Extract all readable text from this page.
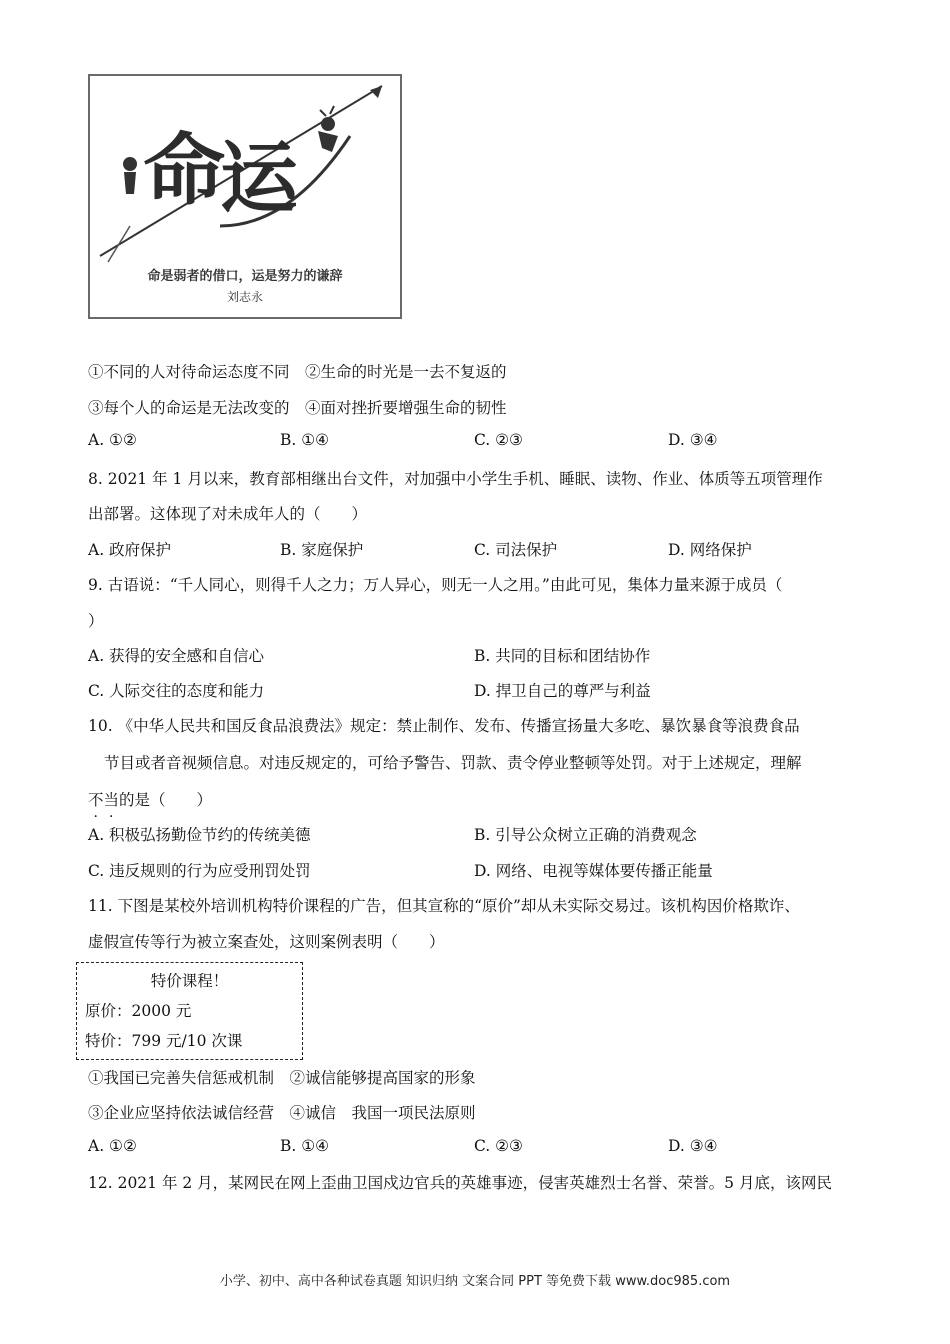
命 运
命是弱者的借口，运是努力的谦辞
刘志永
①不同的人对待命运态度不同　②生命的时光是一去不复返的
③每个人的命运是无法改变的　④面对挫折要增强生命的韧性
A. ①②	B. ①④	C. ②③	D. ③④
8. 2021 年 1 月以来，教育部相继出台文件，对加强中小学生手机、睡眠、读物、作业、体质等五项管理作
出部署。这体现了对未成年人的（　　）
A. 政府保护	B. 家庭保护	C. 司法保护	D. 网络保护
9. 古语说：“千人同心，则得千人之力；万人异心，则无一人之用。”由此可见，集体力量来源于成员（
）
A. 获得的安全感和自信心	B. 共同的目标和团结协作
C. 人际交往的态度和能力	D. 捍卫自己的尊严与利益
10. 《中华人民共和国反食品浪费法》规定：禁止制作、发布、传播宣扬量大多吃、暴饮暴食等浪费食品
节目或者音视频信息。对违反规定的，可给予警告、罚款、责令停业整顿等处罚。对于上述规定，理解
不当的是（　　）
A. 积极弘扬勤俭节约的传统美德	B. 引导公众树立正确的消费观念
C. 违反规则的行为应受刑罚处罚	D. 网络、电视等媒体要传播正能量
11. 下图是某校外培训机构特价课程的广告，但其宣称的“原价”却从未实际交易过。该机构因价格欺诈、
虚假宣传等行为被立案查处，这则案例表明（　　）
特价课程！
原价：2000 元
特价：799 元/10 次课
①我国已完善失信惩戒机制　②诚信能够提高国家的形象
③企业应坚持依法诚信经营　④诚信　我国一项民法原则
A. ①②	B. ①④	C. ②③	D. ③④
12. 2021 年 2 月，某网民在网上歪曲卫国戍边官兵的英雄事迹，侵害英雄烈士名誉、荣誉。5 月底，该网民
小学、初中、高中各种试卷真题 知识归纳 文案合同 PPT 等免费下载 www.doc985.com
